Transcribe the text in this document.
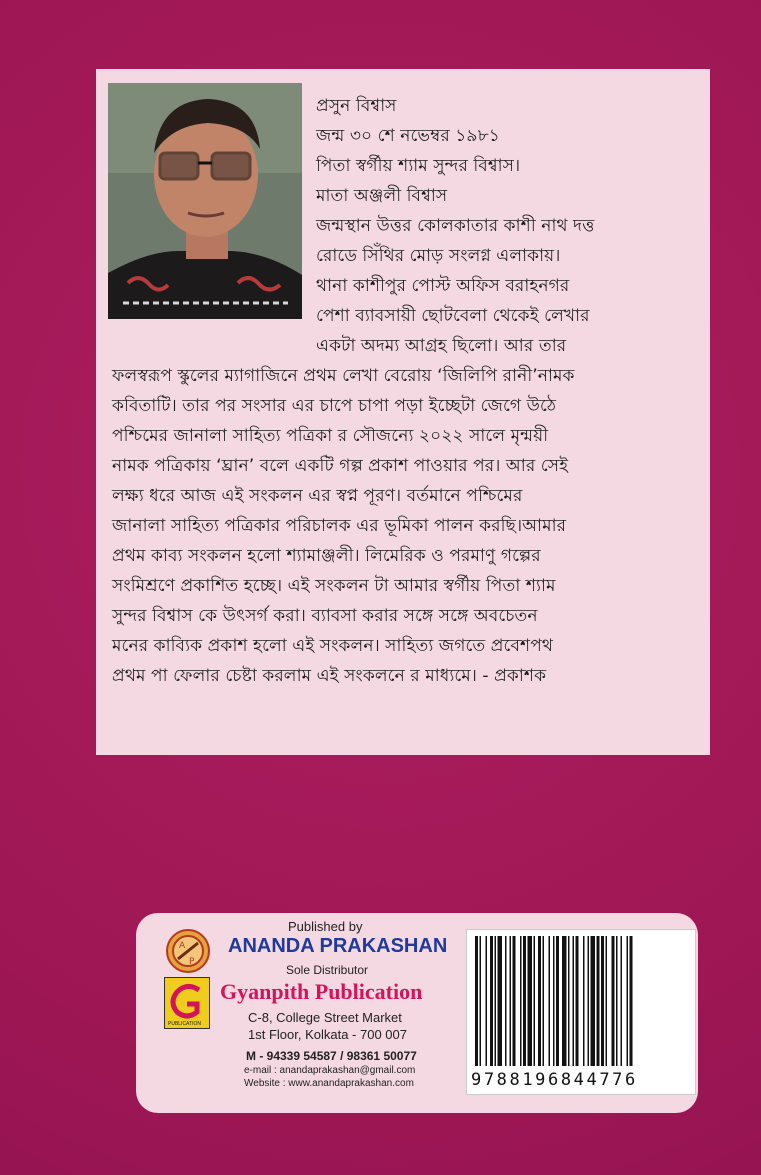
প্রসুন বিশ্বাস
জন্ম ৩০ শে নভেম্বর ১৯৮১
পিতা স্বর্গীয় শ্যাম সুন্দর বিশ্বাস।
মাতা অঞ্জলী বিশ্বাস
জন্মস্থান উত্তর কোলকাতার কাশী নাথ দত্ত
রোডে সিঁথির মোড় সংলগ্ন এলাকায়।
থানা কাশীপুর পোস্ট অফিস বরাহনগর
পেশা ব্যাবসায়ী ছোটবেলা থেকেই লেখার
একটা অদম্য আগ্রহ ছিলো। আর তার
ফলস্বরূপ স্কুলের ম্যাগাজিনে প্রথম লেখা বেরোয় ‘জিলিপি রানী’নামক
কবিতাটি। তার পর সংসার এর চাপে চাপা পড়া ইচ্ছেটা জেগে উঠে
পশ্চিমের জানালা সাহিত্য পত্রিকা র সৌজন্যে ২০২২ সালে মৃন্ময়ী
নামক পত্রিকায় ‘ঘ্রান’ বলে একটি গল্প প্রকাশ পাওয়ার পর। আর সেই
লক্ষ্য ধরে আজ এই সংকলন এর স্বপ্ন পূরণ। বর্তমানে পশ্চিমের
জানালা সাহিত্য পত্রিকার পরিচালক এর ভূমিকা পালন করছি।আমার
প্রথম কাব্য সংকলন হলো শ্যামাঞ্জলী। লিমেরিক ও পরমাণু গল্পের
সংমিশ্রণে প্রকাশিত হচ্ছে। এই সংকলন টা আমার স্বর্গীয় পিতা শ্যাম
সুন্দর বিশ্বাস কে উৎসর্গ করা। ব্যাবসা করার সঙ্গে সঙ্গে অবচেতন
মনের কাব্যিক প্রকাশ হলো এই সংকলন। সাহিত্য জগতে প্রবেশপথ
প্রথম পা ফেলার চেষ্টা করলাম এই সংকলনে র মাধ্যমে। - প্রকাশক
A
P
PUBLICATION
Published by
ANANDA PRAKASHAN
Sole Distributor
Gyanpith Publication
C-8, College Street Market
1st Floor, Kolkata - 700 007
M - 94339 54587 / 98361 50077
e-mail : anandaprakashan@gmail.com
Website : www.anandaprakashan.com	9788196844776
